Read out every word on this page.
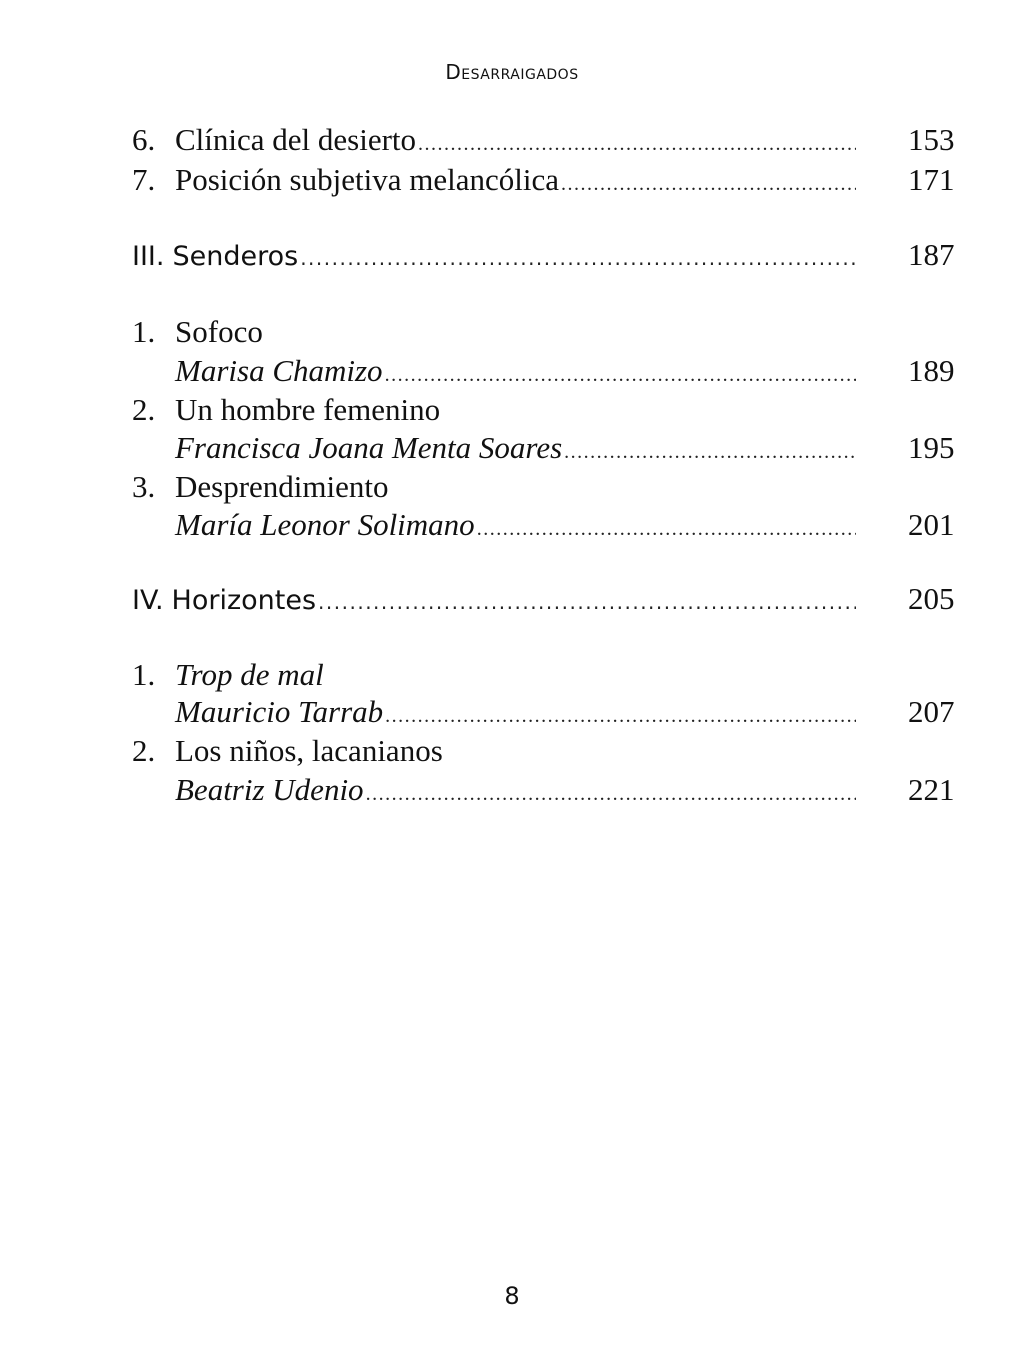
Desarraigados
6. Clínica del desierto .....	153
7. Posición subjetiva melancólica .....	171
III. Senderos .....	187
1. Sofoco
Marisa Chamizo .....	189
2. Un hombre femenino
Francisca Joana Menta Soares .....	195
3. Desprendimiento
María Leonor Solimano .....	201
IV. Horizontes .....	205
1. Trop de mal
Mauricio Tarrab .....	207
2. Los niños, lacanianos
Beatriz Udenio .....	221
8
